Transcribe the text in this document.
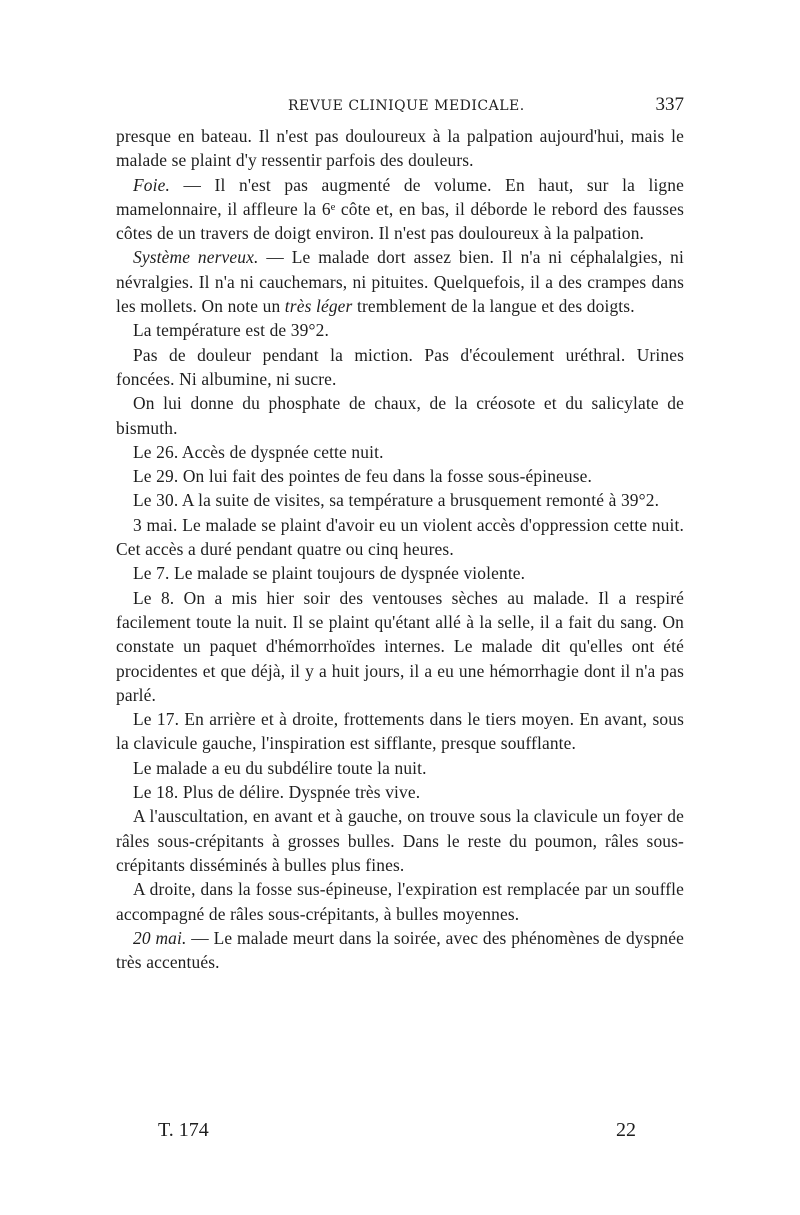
REVUE CLINIQUE MEDICALE.	337

presque en bateau. Il n'est pas douloureux à la palpation aujourd'hui, mais le malade se plaint d'y ressentir parfois des douleurs.

Foie. — Il n'est pas augmenté de volume. En haut, sur la ligne mamelonnaire, il affleure la 6ᵉ côte et, en bas, il déborde le rebord des fausses côtes de un travers de doigt environ. Il n'est pas douloureux à la palpation.

Système nerveux. — Le malade dort assez bien. Il n'a ni céphalalgies, ni névralgies. Il n'a ni cauchemars, ni pituites. Quelquefois, il a des crampes dans les mollets. On note un très léger tremblement de la langue et des doigts.

La température est de 39°2.

Pas de douleur pendant la miction. Pas d'écoulement uréthral. Urines foncées. Ni albumine, ni sucre.

On lui donne du phosphate de chaux, de la créosote et du salicylate de bismuth.

Le 26. Accès de dyspnée cette nuit.

Le 29. On lui fait des pointes de feu dans la fosse sous-épineuse.

Le 30. A la suite de visites, sa température a brusquement remonté à 39°2.

3 mai. Le malade se plaint d'avoir eu un violent accès d'oppression cette nuit. Cet accès a duré pendant quatre ou cinq heures.

Le 7. Le malade se plaint toujours de dyspnée violente.

Le 8. On a mis hier soir des ventouses sèches au malade. Il a respiré facilement toute la nuit. Il se plaint qu'étant allé à la selle, il a fait du sang. On constate un paquet d'hémorrhoïdes internes. Le malade dit qu'elles ont été procidentes et que déjà, il y a huit jours, il a eu une hémorrhagie dont il n'a pas parlé.

Le 17. En arrière et à droite, frottements dans le tiers moyen. En avant, sous la clavicule gauche, l'inspiration est sifflante, presque soufflante.

Le malade a eu du subdélire toute la nuit.

Le 18. Plus de délire. Dyspnée très vive.

A l'auscultation, en avant et à gauche, on trouve sous la clavicule un foyer de râles sous-crépitants à grosses bulles. Dans le reste du poumon, râles sous-crépitants disséminés à bulles plus fines.

A droite, dans la fosse sus-épineuse, l'expiration est remplacée par un souffle accompagné de râles sous-crépitants, à bulles moyennes.

20 mai. — Le malade meurt dans la soirée, avec des phénomènes de dyspnée très accentués.

T. 174	22
